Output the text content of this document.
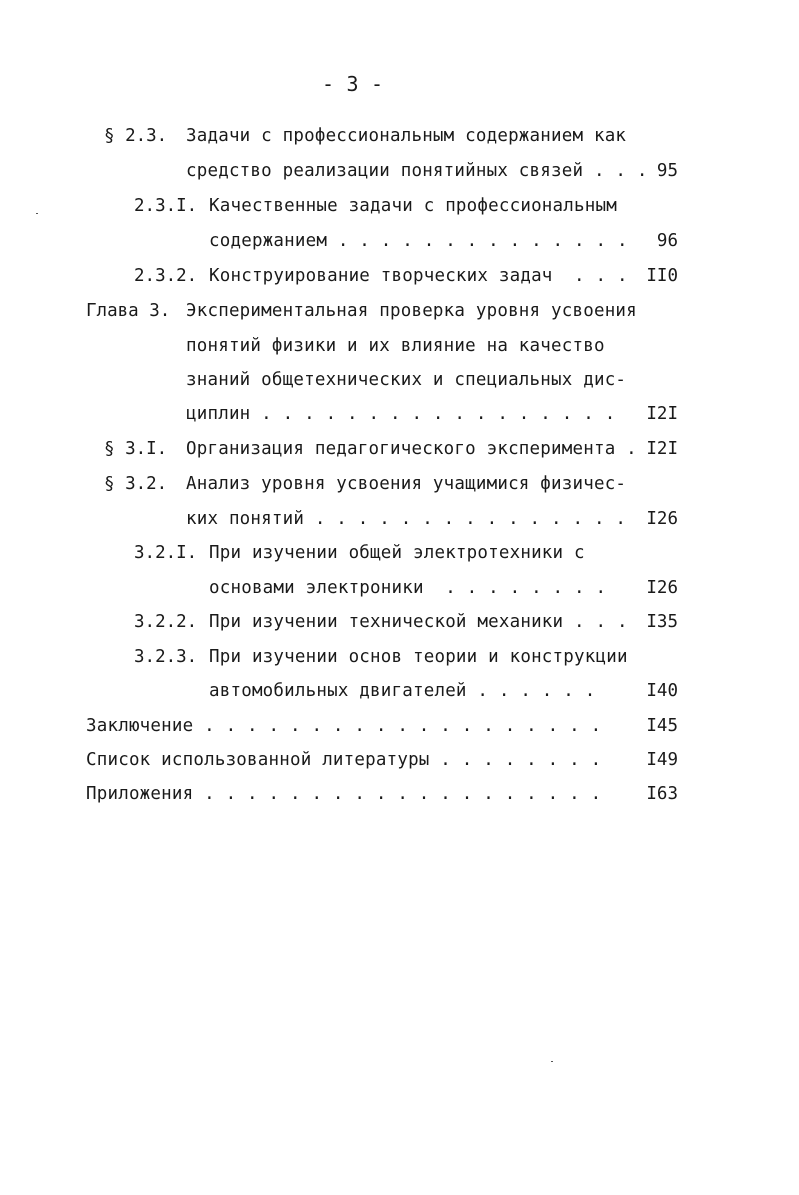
- 3 -
§ 2.3. Задачи с профессиональным содержанием как
средство реализации понятийных связей . . . 95
2.3.I. Качественные задачи с профессиональным
содержанием . . . . . . . . . . . . . .	96
2.3.2. Конструирование творческих задач  . . .	II0
Глава 3. Экспериментальная проверка уровня усвоения
понятий физики и их влияние на качество
знаний общетехнических и специальных дис-
циплин . . . . . . . . . . . . . . . . .	I2I
§ 3.I. Организация педагогического эксперимента . I2I
§ 3.2. Анализ уровня усвоения учащимися физичес-
ких понятий . . . . . . . . . . . . . . .	I26
3.2.I. При изучении общей электротехники с
основами электроники  . . . . . . . .	I26
3.2.2. При изучении технической механики . . .	I35
3.2.3. При изучении основ теории и конструкции
автомобильных двигателей . . . . . .	I40
Заключение . . . . . . . . . . . . . . . . . . .	I45
Список использованной литературы . . . . . . . .	I49
Приложения . . . . . . . . . . . . . . . . . . .	I63
